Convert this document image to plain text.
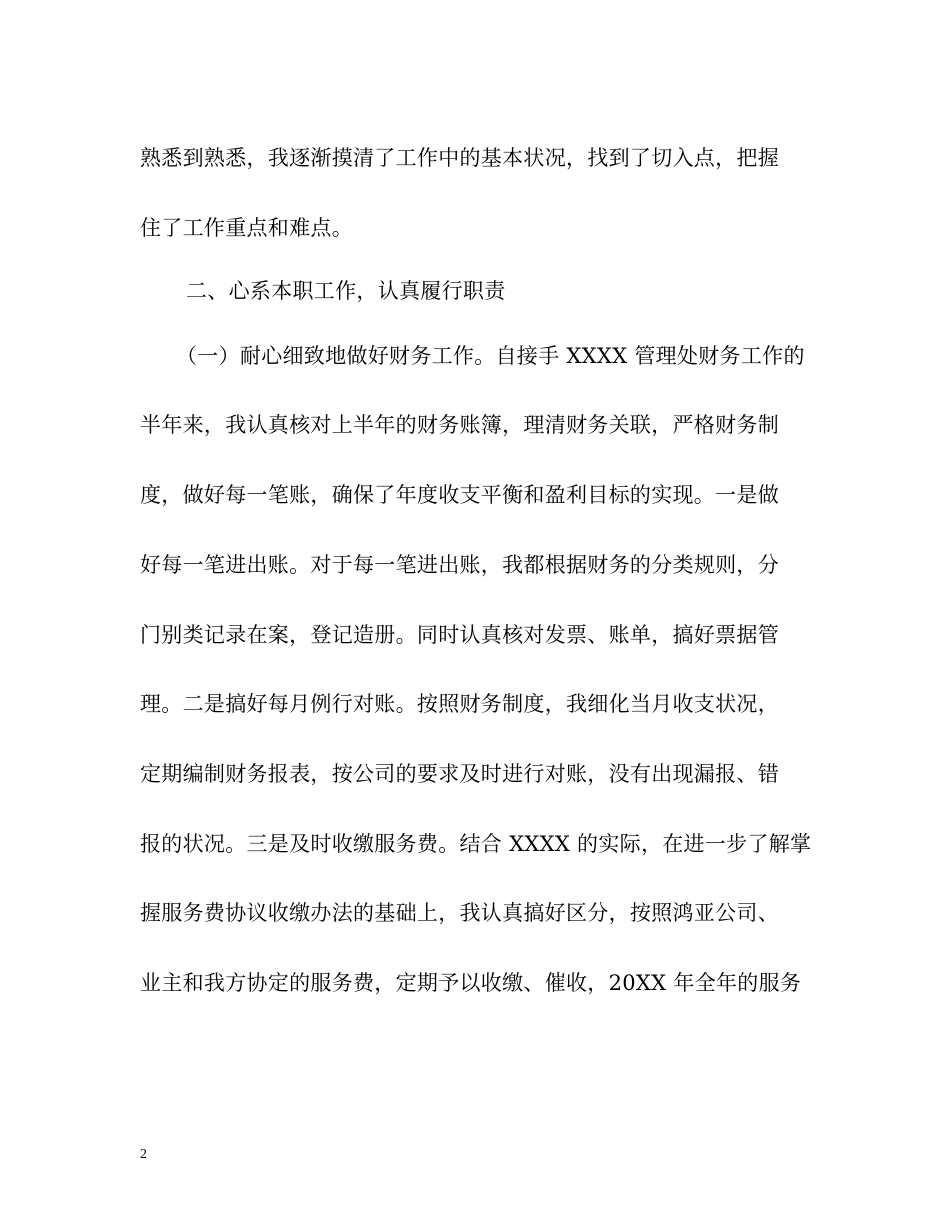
熟悉到熟悉，我逐渐摸清了工作中的基本状况，找到了切入点，把握
住了工作重点和难点。
二、心系本职工作，认真履行职责
（一）耐心细致地做好财务工作。自接手 XXXX 管理处财务工作的
半年来，我认真核对上半年的财务账簿，理清财务关联，严格财务制
度，做好每一笔账，确保了年度收支平衡和盈利目标的实现。一是做
好每一笔进出账。对于每一笔进出账，我都根据财务的分类规则，分
门别类记录在案，登记造册。同时认真核对发票、账单，搞好票据管
理。二是搞好每月例行对账。按照财务制度，我细化当月收支状况，
定期编制财务报表，按公司的要求及时进行对账，没有出现漏报、错
报的状况。三是及时收缴服务费。结合 XXXX 的实际，在进一步了解掌
握服务费协议收缴办法的基础上，我认真搞好区分，按照鸿亚公司、
业主和我方协定的服务费，定期予以收缴、催收，20XX 年全年的服务
2
